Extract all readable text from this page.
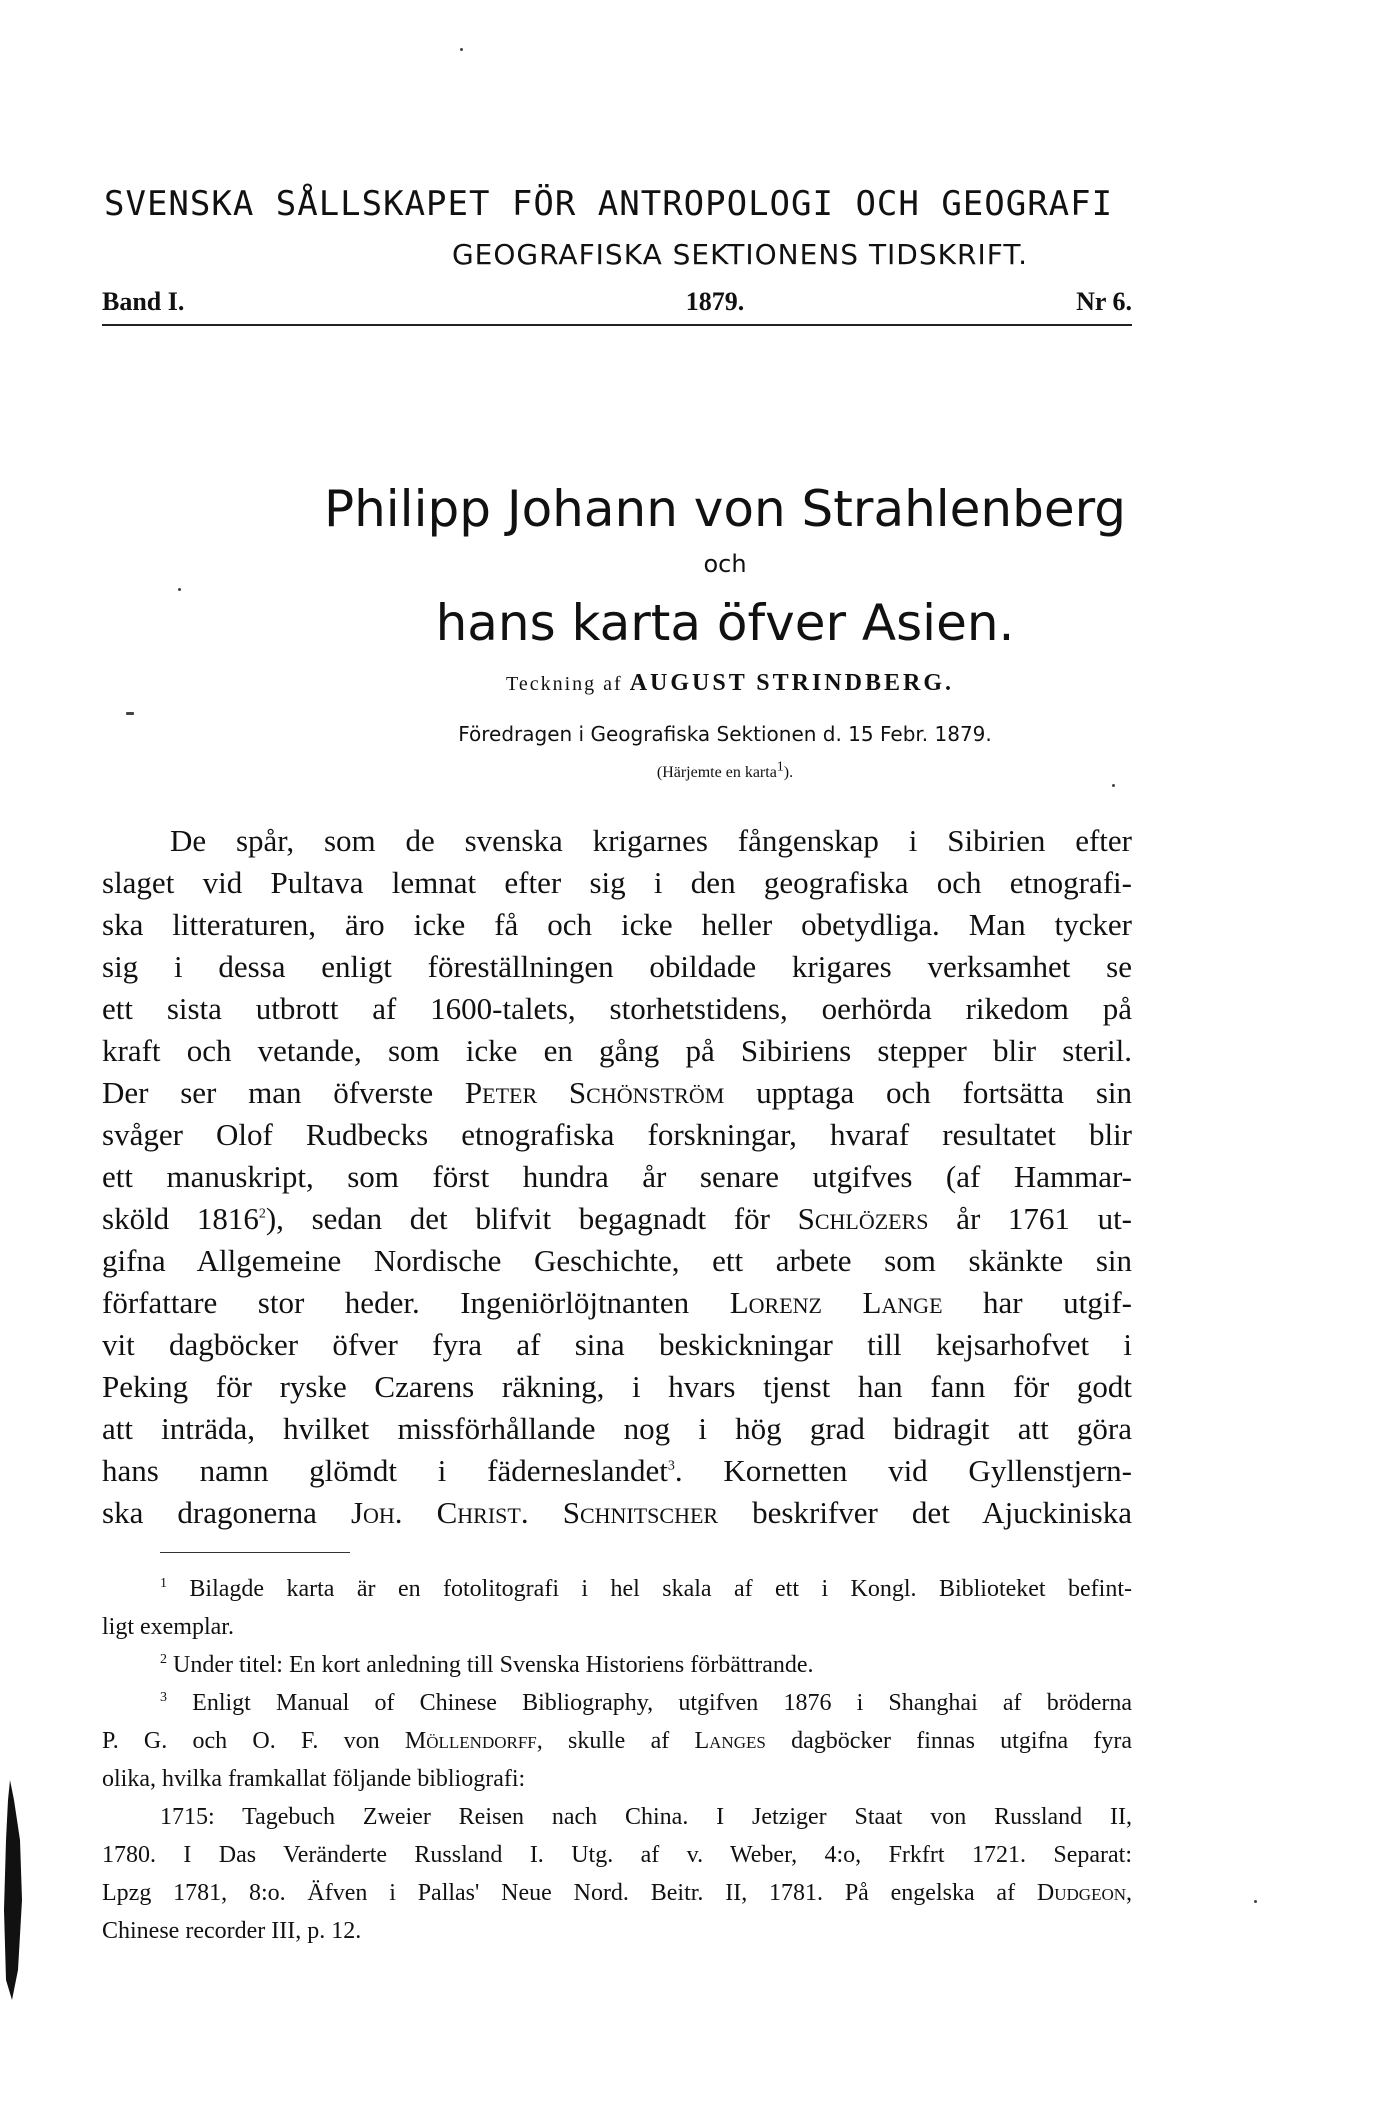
SVENSKA SÅLLSKAPET FÖR ANTROPOLOGI OCH GEOGRAFI
GEOGRAFISKA SEKTIONENS TIDSKRIFT.
Band I.	1879.	Nr 6.
Philipp Johann von Strahlenberg
och
hans karta öfver Asien.
Teckning af AUGUST STRINDBERG.
Föredragen i Geografiska Sektionen d. 15 Febr. 1879.
(Härjemte en karta$^1$).
De spår, som de svenska krigarnes fångenskap i Sibirien efter
slaget vid Pultava lemnat efter sig i den geografiska och etnografi-
ska litteraturen, äro icke få och icke heller obetydliga. Man tycker
sig i dessa enligt föreställningen obildade krigares verksamhet se
ett sista utbrott af 1600-talets, storhetstidens, oerhörda rikedom på
kraft och vetande, som icke en gång på Sibiriens stepper blir steril.
Der ser man öfverste Peter Schönström upptaga och fortsätta sin
svåger Olof Rudbecks etnografiska forskningar, hvaraf resultatet blir
ett manuskript, som först hundra år senare utgifves (af Hammar-
sköld 1816$^2$), sedan det blifvit begagnadt för Schlözers år 1761 ut-
gifna Allgemeine Nordische Geschichte, ett arbete som skänkte sin
författare stor heder. Ingeniörlöjtnanten Lorenz Lange har utgif-
vit dagböcker öfver fyra af sina beskickningar till kejsarhofvet i
Peking för ryske Czarens räkning, i hvars tjenst han fann för godt
att inträda, hvilket missförhållande nog i hög grad bidragit att göra
hans namn glömdt i fäderneslandet$^3$. Kornetten vid Gyllenstjern-
ska dragonerna Joh. Christ. Schnitscher beskrifver det Ajuckiniska
$^1$ Bilagde karta är en fotolitografi i hel skala af ett i Kongl. Biblioteket befint-
ligt exemplar.
$^2$ Under titel: En kort anledning till Svenska Historiens förbättrande.
$^3$ Enligt Manual of Chinese Bibliography, utgifven 1876 i Shanghai af bröderna
P. G. och O. F. von Möllendorff, skulle af Langes dagböcker finnas utgifna fyra
olika, hvilka framkallat följande bibliografi:
1715: Tagebuch Zweier Reisen nach China. I Jetziger Staat von Russland II,
1780. I Das Veränderte Russland I. Utg. af v. Weber, 4:o, Frkfrt 1721. Separat:
Lpzg 1781, 8:o. Äfven i Pallas' Neue Nord. Beitr. II, 1781. På engelska af Dudgeon,
Chinese recorder III, p. 12.
